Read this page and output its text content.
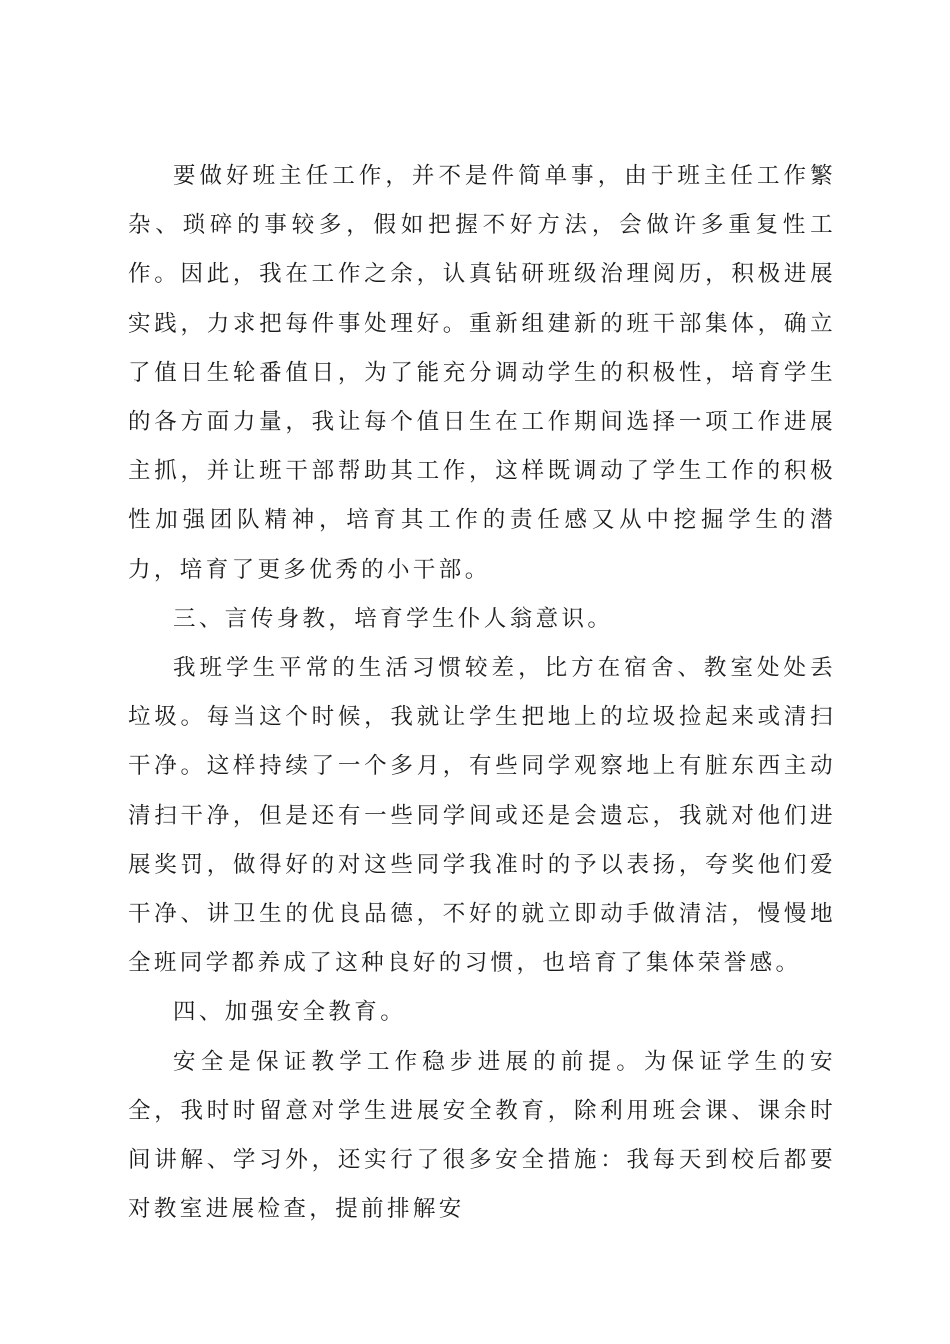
要做好班主任工作，并不是件简单事，由于班主任工作繁杂、琐碎的事较多，假如把握不好方法，会做许多重复性工作。因此，我在工作之余，认真钻研班级治理阅历，积极进展实践，力求把每件事处理好。重新组建新的班干部集体，确立了值日生轮番值日，为了能充分调动学生的积极性，培育学生的各方面力量，我让每个值日生在工作期间选择一项工作进展主抓，并让班干部帮助其工作，这样既调动了学生工作的积极性加强团队精神，培育其工作的责任感又从中挖掘学生的潜力，培育了更多优秀的小干部。

三、言传身教，培育学生仆人翁意识。

我班学生平常的生活习惯较差，比方在宿舍、教室处处丢垃圾。每当这个时候，我就让学生把地上的垃圾捡起来或清扫干净。这样持续了一个多月，有些同学观察地上有脏东西主动清扫干净，但是还有一些同学间或还是会遗忘，我就对他们进展奖罚，做得好的对这些同学我准时的予以表扬，夸奖他们爱干净、讲卫生的优良品德，不好的就立即动手做清洁，慢慢地全班同学都养成了这种良好的习惯，也培育了集体荣誉感。

四、加强安全教育。

安全是保证教学工作稳步进展的前提。为保证学生的安全，我时时留意对学生进展安全教育，除利用班会课、课余时间讲解、学习外，还实行了很多安全措施：我每天到校后都要对教室进展检查，提前排解安
